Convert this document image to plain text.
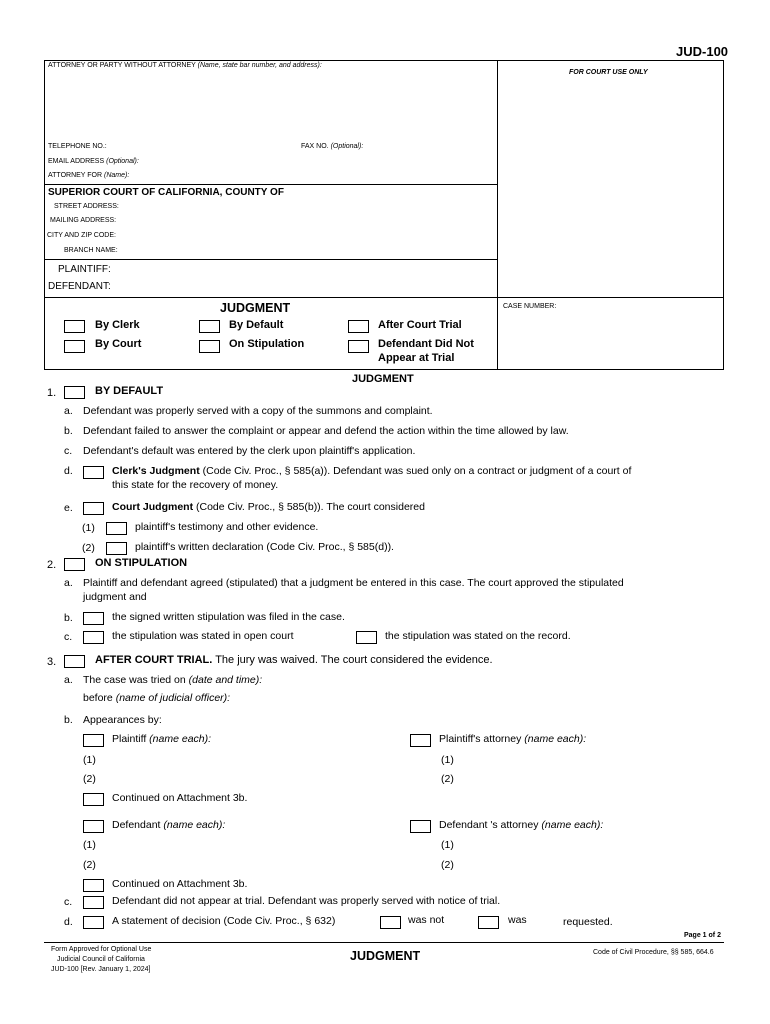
JUD-100
ATTORNEY OR PARTY WITHOUT ATTORNEY (Name, state bar number, and address):
FOR COURT USE ONLY
TELEPHONE NO.:	FAX NO. (Optional):
EMAIL ADDRESS (Optional):
ATTORNEY FOR (Name):
SUPERIOR COURT OF CALIFORNIA, COUNTY OF
STREET ADDRESS:
MAILING ADDRESS:
CITY AND ZIP CODE:
BRANCH NAME:
PLAINTIFF:
DEFENDANT:
JUDGMENT	CASE NUMBER:
By Clerk	By Default	After Court Trial
By Court	On Stipulation	Defendant Did Not
Appear at Trial
JUDGMENT
1.	BY DEFAULT
a. Defendant was properly served with a copy of the summons and complaint.
b. Defendant failed to answer the complaint or appear and defend the action within the time allowed by law.
c. Defendant's default was entered by the clerk upon plaintiff's application.
d.	Clerk's Judgment (Code Civ. Proc., § 585(a)). Defendant was sued only on a contract or judgment of a court of
this state for the recovery of money.
e.	Court Judgment (Code Civ. Proc., § 585(b)). The court considered
(1)	plaintiff's testimony and other evidence.
(2)	plaintiff's written declaration (Code Civ. Proc., § 585(d)).
2.	ON STIPULATION
a. Plaintiff and defendant agreed (stipulated) that a judgment be entered in this case. The court approved the stipulated
judgment and
b.	the signed written stipulation was filed in the case.
c.	the stipulation was stated in open court	the stipulation was stated on the record.
3.	AFTER COURT TRIAL. The jury was waived. The court considered the evidence.
a. The case was tried on (date and time):
before (name of judicial officer):
b. Appearances by:
Plaintiff (name each):	Plaintiff's attorney (name each):
(1)	(1)
(2)	(2)
Continued on Attachment 3b.
Defendant (name each):	Defendant 's attorney (name each):
(1)	(1)
(2)	(2)
Continued on Attachment 3b.
c.	Defendant did not appear at trial. Defendant was properly served with notice of trial.
d.	A statement of decision (Code Civ. Proc., § 632)	was not	was	requested.
Page 1 of 2
Form Approved for Optional Use
Judicial Council of California
JUD-100 [Rev. January 1, 2024]
JUDGMENT	Code of Civil Procedure, §§ 585, 664.6
